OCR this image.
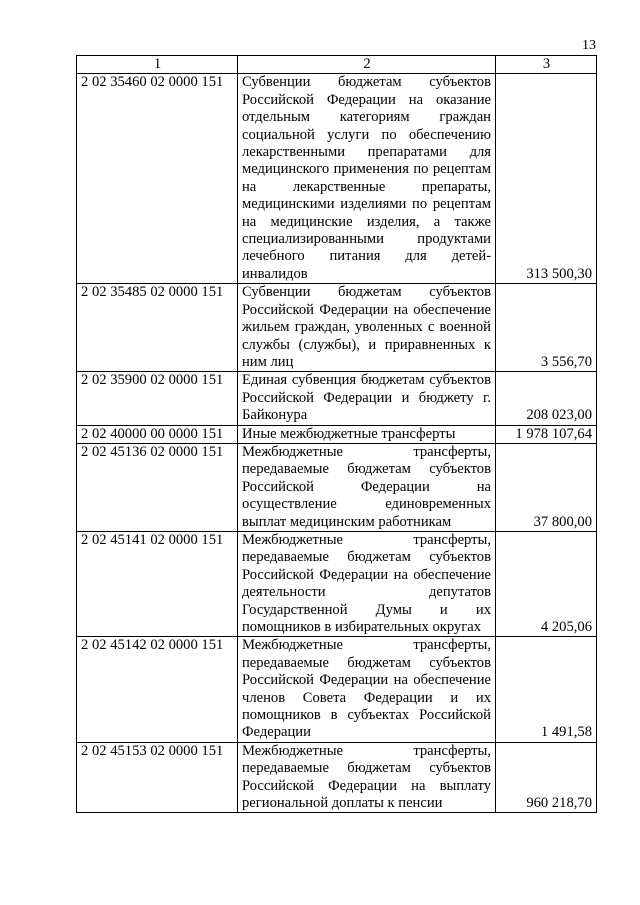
13
1	2	3
2 02 35460 02 0000 151	Субвенции бюджетам субъектов Российской Федерации на оказание отдельным категориям граждан социальной услуги по обеспечению лекарственными препаратами для медицинского применения по рецептам на лекарственные препараты, медицинскими изделиями по рецептам на медицинские изделия, а также специализированными продуктами лечебного питания для детей-инвалидов	313 500,30
2 02 35485 02 0000 151	Субвенции бюджетам субъектов Российской Федерации на обеспечение жильем граждан, уволенных с военной службы (службы), и приравненных к ним лиц	3 556,70
2 02 35900 02 0000 151	Единая субвенция бюджетам субъектов Российской Федерации и бюджету г. Байконура	208 023,00
2 02 40000 00 0000 151	Иные межбюджетные трансферты	1 978 107,64
2 02 45136 02 0000 151	Межбюджетные трансферты, передаваемые бюджетам субъектов Российской Федерации на осуществление единовременных выплат медицинским работникам	37 800,00
2 02 45141 02 0000 151	Межбюджетные трансферты, передаваемые бюджетам субъектов Российской Федерации на обеспечение деятельности депутатов Государственной Думы и их помощников в избирательных округах	4 205,06
2 02 45142 02 0000 151	Межбюджетные трансферты, передаваемые бюджетам субъектов Российской Федерации на обеспечение членов Совета Федерации и их помощников в субъектах Российской Федерации	1 491,58
2 02 45153 02 0000 151	Межбюджетные трансферты, передаваемые бюджетам субъектов Российской Федерации на выплату региональной доплаты к пенсии	960 218,70
